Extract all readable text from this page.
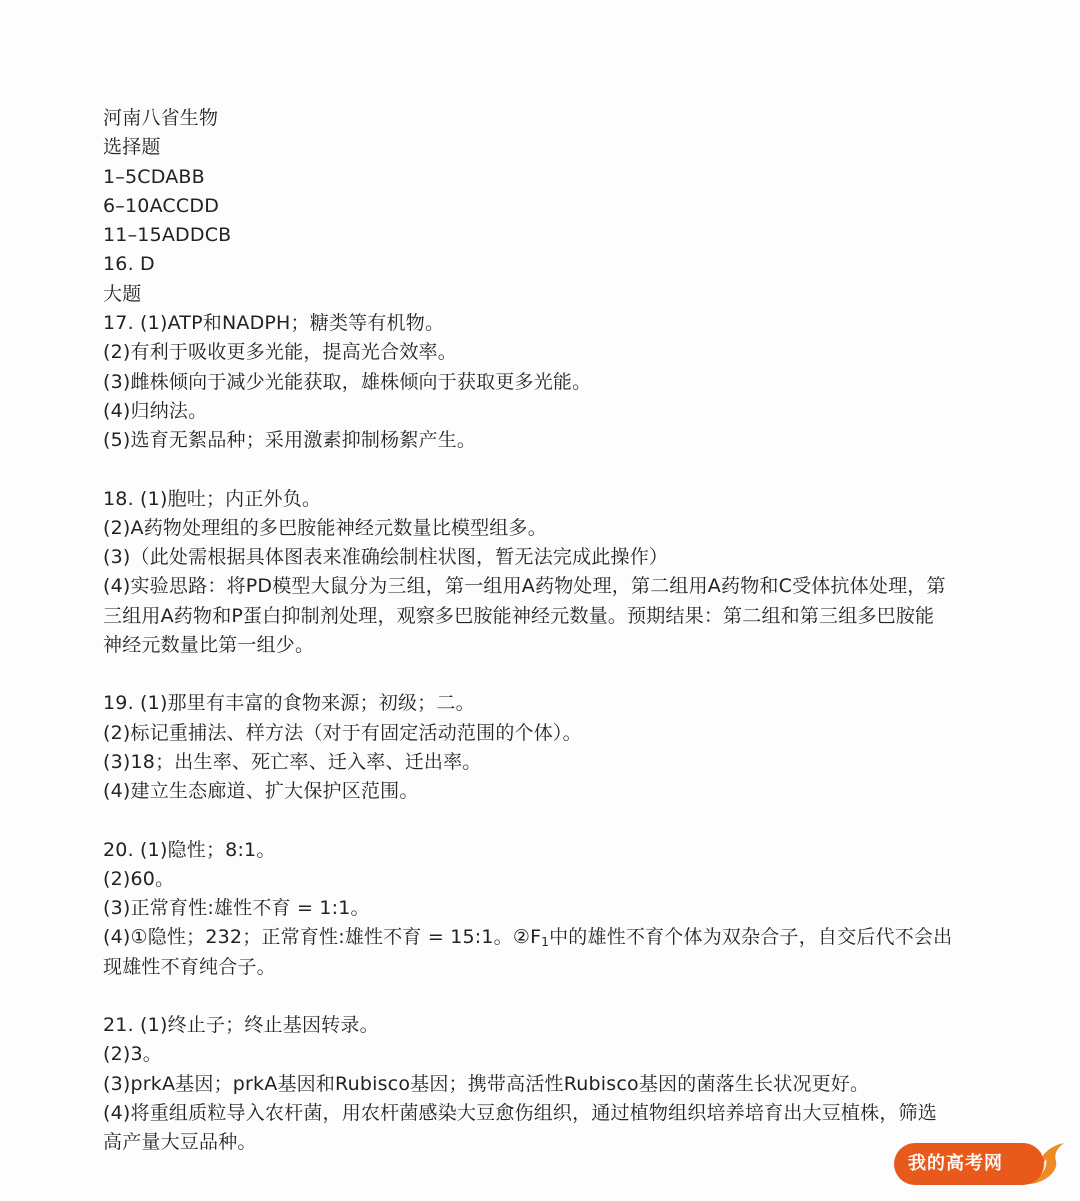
河南八省生物
选择题
1–5CDABB
6–10ACCDD
11–15ADDCB
16. D
大题
17. (1)ATP和NADPH；糖类等有机物。
(2)有利于吸收更多光能，提高光合效率。
(3)雌株倾向于减少光能获取，雄株倾向于获取更多光能。
(4)归纳法。
(5)选育无絮品种；采用激素抑制杨絮产生。
18. (1)胞吐；内正外负。
(2)A药物处理组的多巴胺能神经元数量比模型组多。
(3)（此处需根据具体图表来准确绘制柱状图，暂无法完成此操作）
(4)实验思路：将PD模型大鼠分为三组，第一组用A药物处理，第二组用A药物和C受体抗体处理，第
三组用A药物和P蛋白抑制剂处理，观察多巴胺能神经元数量。预期结果：第二组和第三组多巴胺能
神经元数量比第一组少。
19. (1)那里有丰富的食物来源；初级；二。
(2)标记重捕法、样方法（对于有固定活动范围的个体）。
(3)18；出生率、死亡率、迁入率、迁出率。
(4)建立生态廊道、扩大保护区范围。
20. (1)隐性；8:1。
(2)60。
(3)正常育性:雄性不育 = 1:1。
(4)①隐性；232；正常育性:雄性不育 = 15:1。②F1中的雄性不育个体为双杂合子，自交后代不会出
现雄性不育纯合子。
21. (1)终止子；终止基因转录。
(2)3。
(3)prkA基因；prkA基因和Rubisco基因；携带高活性Rubisco基因的菌落生长状况更好。
(4)将重组质粒导入农杆菌，用农杆菌感染大豆愈伤组织，通过植物组织培养培育出大豆植株，筛选
高产量大豆品种。
我的高考网
